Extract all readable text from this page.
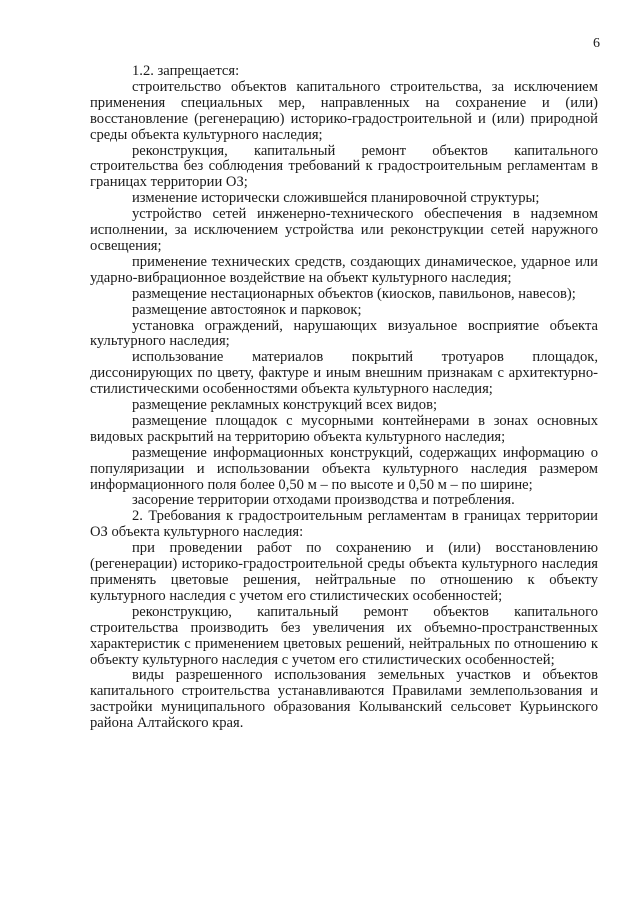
6

1.2. запрещается:

строительство объектов капитального строительства, за исключением применения специальных мер, направленных на сохранение и (или) восстановление (регенерацию) историко-градостроительной и (или) природной среды объекта культурного наследия;

реконструкция, капитальный ремонт объектов капитального строительства без соблюдения требований к градостроительным регламентам в границах территории ОЗ;

изменение исторически сложившейся планировочной структуры;

устройство сетей инженерно-технического обеспечения в надземном исполнении, за исключением устройства или реконструкции сетей наружного освещения;

применение технических средств, создающих динамическое, ударное или ударно-вибрационное воздействие на объект культурного наследия;

размещение нестационарных объектов (киосков, павильонов, навесов);

размещение автостоянок и парковок;

установка ограждений, нарушающих визуальное восприятие объекта культурного наследия;

использование материалов покрытий тротуаров площадок, диссонирующих по цвету, фактуре и иным внешним признакам с архитектурно-стилистическими особенностями объекта культурного наследия;

размещение рекламных конструкций всех видов;

размещение площадок с мусорными контейнерами в зонах основных видовых раскрытий на территорию объекта культурного наследия;

размещение информационных конструкций, содержащих информацию о популяризации и использовании объекта культурного наследия размером информационного поля более 0,50 м – по высоте и 0,50 м – по ширине;

засорение территории отходами производства и потребления.

2. Требования к градостроительным регламентам в границах территории ОЗ объекта культурного наследия:

при проведении работ по сохранению и (или) восстановлению (регенерации) историко-градостроительной среды объекта культурного наследия применять цветовые решения, нейтральные по отношению к объекту культурного наследия с учетом его стилистических особенностей;

реконструкцию, капитальный ремонт объектов капитального строительства производить без увеличения их объемно-пространственных характеристик с применением цветовых решений, нейтральных по отношению к объекту культурного наследия с учетом его стилистических особенностей;

виды разрешенного использования земельных участков и объектов капитального строительства устанавливаются Правилами землепользования и застройки муниципального образования Колыванский сельсовет Курьинского района Алтайского края.
